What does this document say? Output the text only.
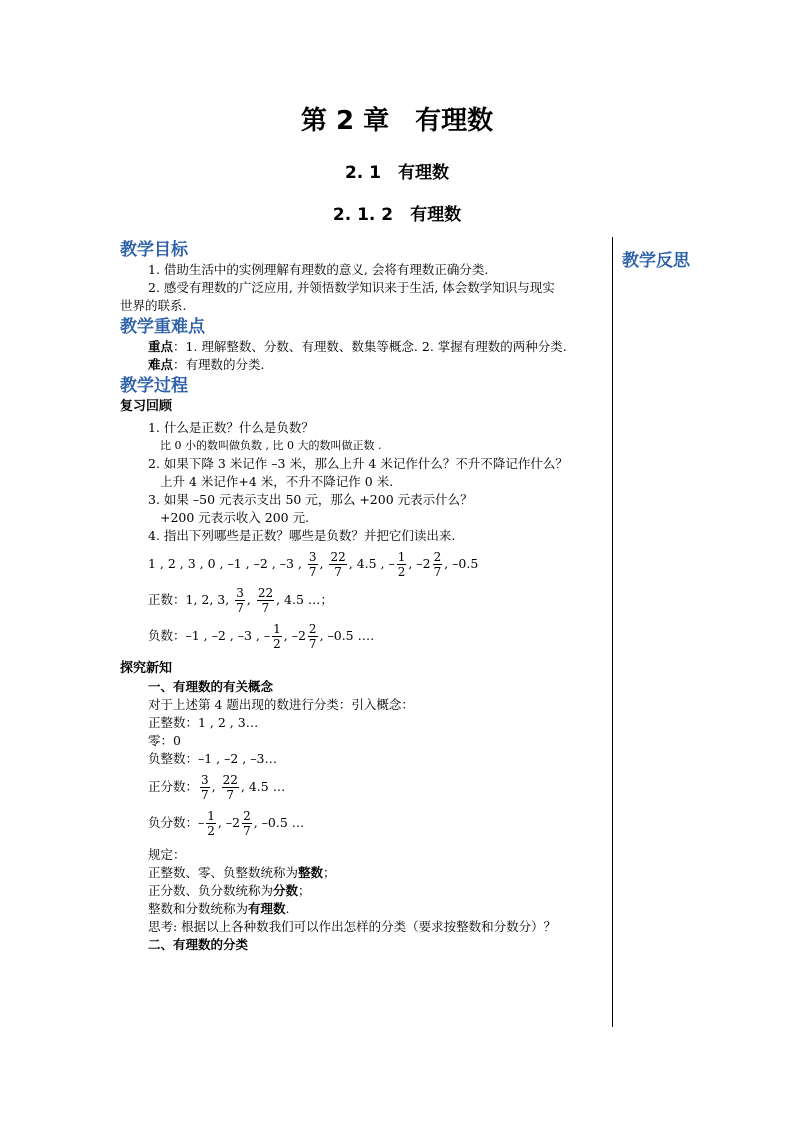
第 2 章　有理数
2. 1　有理数
2. 1. 2　有理数
教学反思
教学目标

1. 借助生活中的实例理解有理数的意义, 会将有理数正确分类.

2. 感受有理数的广泛应用, 并领悟数学知识来于生活, 体会数学知识与现实

世界的联系.

教学重难点

重点：1. 理解整数、分数、有理数、数集等概念. 2. 掌握有理数的两种分类.

难点：有理数的分类.

教学过程
复习回顾

1. 什么是正数？什么是负数？

比 0 小的数叫做负数 , 比 0 大的数叫做正数 .

2. 如果下降 3 米记作 –3 米，那么上升 4 米记作什么？不升不降记作什么？

上升 4 米记作+4 米，不升不降记作 0 米.

3. 如果 –50 元表示支出 50 元，那么 +200 元表示什么？

+200 元表示收入 200 元.

4. 指出下列哪些是正数？哪些是负数？并把它们读出来.

1 , 2 , 3 , 0 , –1 , –2 , –3 , $\frac{3}{7}$ , $\frac{22}{7}$ , 4.5 , – $\frac{1}{2}$ , $-2 \frac{2}{7}$ , –0.5

正数：1, 2, 3, $\frac{3}{7}$ , $\frac{22}{7}$ , 4.5 …；

负数：–1 , –2 , –3 , – $\frac{1}{2}$ , $-2 \frac{2}{7}$ , –0.5 ….

探究新知

一、有理数的有关概念

对于上述第 4 题出现的数进行分类：引入概念：

正整数：1 , 2 , 3…

零：0

负整数：–1 , –2 , –3…

正分数： $\frac{3}{7}$ , $\frac{22}{7}$ , 4.5 …

负分数：– $\frac{1}{2}$ , $-2 \frac{2}{7}$ , –0.5 …

规定：

正整数、零、负整数统称为整数；

正分数、负分数统称为分数；

整数和分数统称为有理数.

思考: 根据以上各种数我们可以作出怎样的分类（要求按整数和分数分）？

二、有理数的分类
